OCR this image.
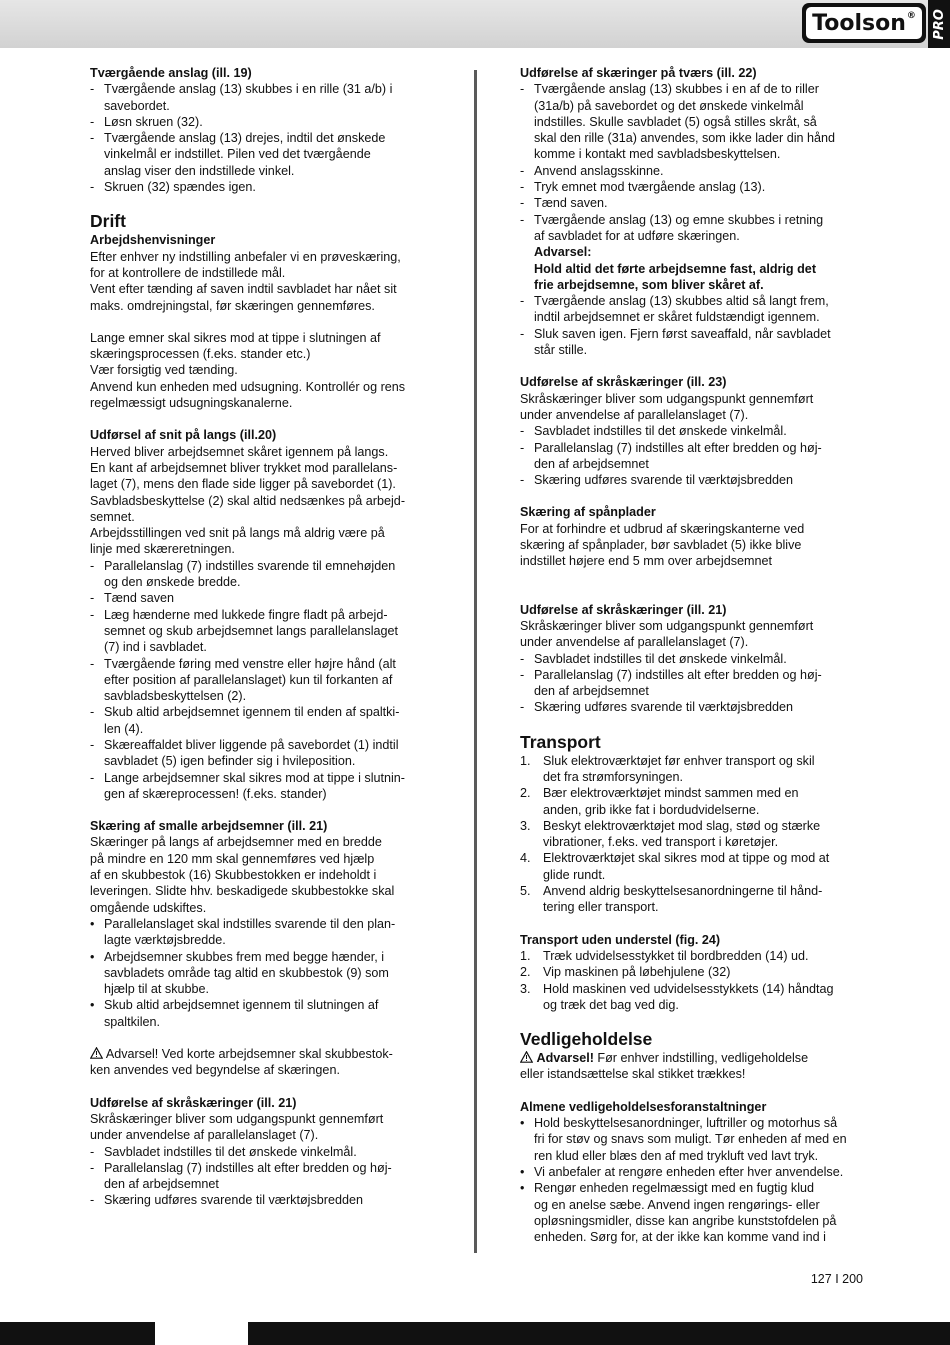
Toolson® PRO
Tværgående anslag (ill. 19)
- Tværgående anslag (13) skubbes i en rille (31 a/b) i
savebordet.
- Løsn skruen (32).
- Tværgående anslag (13) drejes, indtil det ønskede
vinkelmål er indstillet. Pilen ved det tværgående
anslag viser den indstillede vinkel.
- Skruen (32) spændes igen.
Drift
Arbejdshenvisninger
Efter enhver ny indstilling anbefaler vi en prøveskæring,
for at kontrollere de indstillede mål.
Vent efter tænding af saven indtil savbladet har nået sit
maks. omdrejningstal, før skæringen gennemføres.
Lange emner skal sikres mod at tippe i slutningen af
skæringsprocessen (f.eks. stander etc.)
Vær forsigtig ved tænding.
Anvend kun enheden med udsugning. Kontrollér og rens
regelmæssigt udsugningskanalerne.
Udførsel af snit på langs (ill.20)
Herved bliver arbejdsemnet skåret igennem på langs.
En kant af arbejdsemnet bliver trykket mod parallelans-
laget (7), mens den flade side ligger på savebordet (1).
Savbladsbeskyttelse (2) skal altid nedsænkes på arbejd-
semnet.
Arbejdsstillingen ved snit på langs må aldrig være på
linje med skæreretningen.
- Parallelanslag (7) indstilles svarende til emnehøjden
og den ønskede bredde.
- Tænd saven
- Læg hænderne med lukkede fingre fladt på arbejd-
semnet og skub arbejdsemnet langs parallelanslaget
(7) ind i savbladet.
- Tværgående føring med venstre eller højre hånd (alt
efter position af parallelanslaget) kun til forkanten af
savbladsbeskyttelsen (2).
- Skub altid arbejdsemnet igennem til enden af spaltki-
len (4).
- Skæreaffaldet bliver liggende på savebordet (1) indtil
savbladet (5) igen befinder sig i hvileposition.
- Lange arbejdsemner skal sikres mod at tippe i slutnin-
gen af skæreprocessen! (f.eks. stander)
Skæring af smalle arbejdsemner (ill. 21)
Skæringer på langs af arbejdsemner med en bredde
på mindre en 120 mm skal gennemføres ved hjælp
af en skubbestok (16) Skubbestokken er indeholdt i
leveringen. Slidte hhv. beskadigede skubbestokke skal
omgående udskiftes.
• Parallelanslaget skal indstilles svarende til den plan-
lagte værktøjsbredde.
• Arbejdsemner skubbes frem med begge hænder, i
savbladets område tag altid en skubbestok (9) som
hjælp til at skubbe.
• Skub altid arbejdsemnet igennem til slutningen af
spaltkilen.
Advarsel! Ved korte arbejdsemner skal skubbestok-
ken anvendes ved begyndelse af skæringen.
Udførelse af skråskæringer (ill. 21)
Skråskæringer bliver som udgangspunkt gennemført
under anvendelse af parallelanslaget (7).
- Savbladet indstilles til det ønskede vinkelmål.
- Parallelanslag (7) indstilles alt efter bredden og høj-
den af arbejdsemnet
- Skæring udføres svarende til værktøjsbredden
Udførelse af skæringer på tværs (ill. 22)
- Tværgående anslag (13) skubbes i en af de to riller
(31a/b) på savebordet og det ønskede vinkelmål
indstilles. Skulle savbladet (5) også stilles skråt, så
skal den rille (31a) anvendes, som ikke lader din hånd
komme i kontakt med savbladsbeskyttelsen.
- Anvend anslagsskinne.
- Tryk emnet mod tværgående anslag (13).
- Tænd saven.
- Tværgående anslag (13) og emne skubbes i retning
af savbladet for at udføre skæringen.
Advarsel:
Hold altid det førte arbejdsemne fast, aldrig det
frie arbejdsemne, som bliver skåret af.
- Tværgående anslag (13) skubbes altid så langt frem,
indtil arbejdsemnet er skåret fuldstændigt igennem.
- Sluk saven igen. Fjern først saveaffald, når savbladet
står stille.
Udførelse af skråskæringer (ill. 23)
Skråskæringer bliver som udgangspunkt gennemført
under anvendelse af parallelanslaget (7).
- Savbladet indstilles til det ønskede vinkelmål.
- Parallelanslag (7) indstilles alt efter bredden og høj-
den af arbejdsemnet
- Skæring udføres svarende til værktøjsbredden
Skæring af spånplader
For at forhindre et udbrud af skæringskanterne ved
skæring af spånplader, bør savbladet (5) ikke blive
indstillet højere end 5 mm over arbejdsemnet
Udførelse af skråskæringer (ill. 21)
Skråskæringer bliver som udgangspunkt gennemført
under anvendelse af parallelanslaget (7).
- Savbladet indstilles til det ønskede vinkelmål.
- Parallelanslag (7) indstilles alt efter bredden og høj-
den af arbejdsemnet
- Skæring udføres svarende til værktøjsbredden
Transport
1. Sluk elektroværktøjet før enhver transport og skil
det fra strømforsyningen.
2. Bær elektroværktøjet mindst sammen med en
anden, grib ikke fat i bordudvidelserne.
3. Beskyt elektroværktøjet mod slag, stød og stærke
vibrationer, f.eks. ved transport i køretøjer.
4. Elektroværktøjet skal sikres mod at tippe og mod at
glide rundt.
5. Anvend aldrig beskyttelsesanordningerne til hånd-
tering eller transport.
Transport uden understel (fig. 24)
1. Træk udvidelsesstykket til bordbredden (14) ud.
2. Vip maskinen på løbehjulene (32)
3. Hold maskinen ved udvidelsesstykkets (14) håndtag
og træk det bag ved dig.
Vedligeholdelse
Advarsel! Før enhver indstilling, vedligeholdelse
eller istandsættelse skal stikket trækkes!
Almene vedligeholdelsesforanstaltninger
• Hold beskyttelsesanordninger, luftriller og motorhus så
fri for støv og snavs som muligt. Tør enheden af med en
ren klud eller blæs den af med trykluft ved lavt tryk.
• Vi anbefaler at rengøre enheden efter hver anvendelse.
• Rengør enheden regelmæssigt med en fugtig klud
og en anelse sæbe. Anvend ingen rengørings- eller
opløsningsmidler, disse kan angribe kunststofdelen på
enheden. Sørg for, at der ikke kan komme vand ind i
127 I 200
